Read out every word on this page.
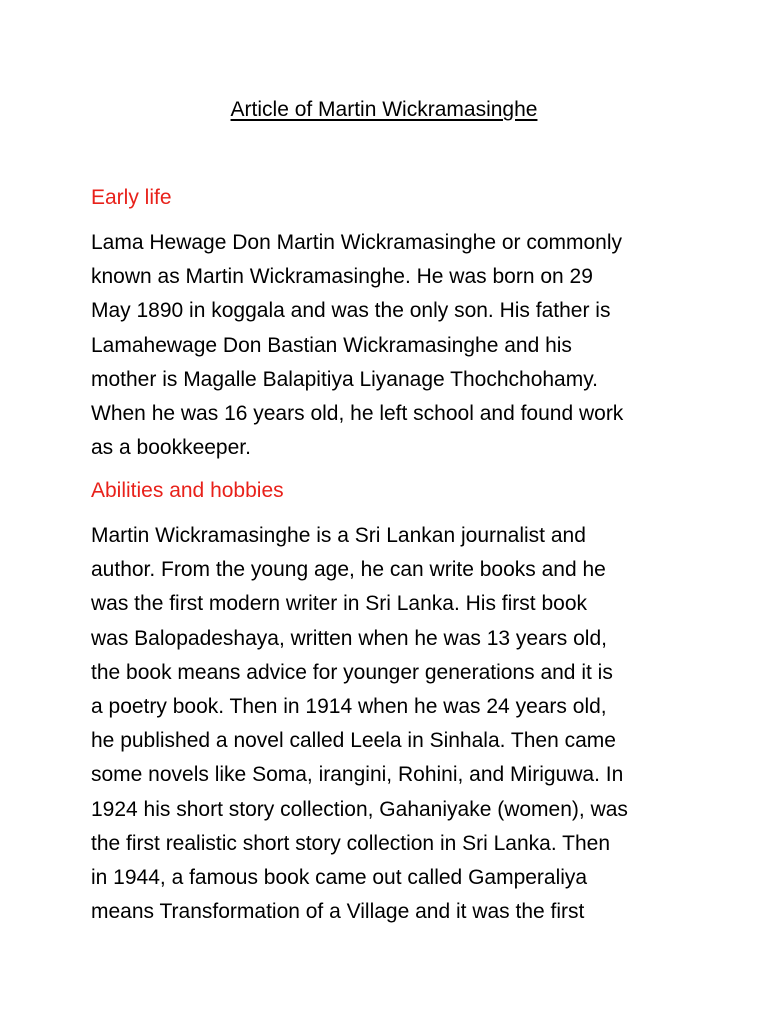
Article of Martin Wickramasinghe
Early life

Lama Hewage Don Martin Wickramasinghe or commonly
known as Martin Wickramasinghe. He was born on 29
May 1890 in koggala and was the only son. His father is
Lamahewage Don Bastian Wickramasinghe and his
mother is Magalle Balapitiya Liyanage Thochchohamy.
When he was 16 years old, he left school and found work
as a bookkeeper.

Abilities and hobbies

Martin Wickramasinghe is a Sri Lankan journalist and
author. From the young age, he can write books and he
was the first modern writer in Sri Lanka. His first book
was Balopadeshaya, written when he was 13 years old,
the book means advice for younger generations and it is
a poetry book. Then in 1914 when he was 24 years old,
he published a novel called Leela in Sinhala. Then came
some novels like Soma, irangini, Rohini, and Miriguwa. In
1924 his short story collection, Gahaniyake (women), was
the first realistic short story collection in Sri Lanka. Then
in 1944, a famous book came out called Gamperaliya
means Transformation of a Village and it was the first
